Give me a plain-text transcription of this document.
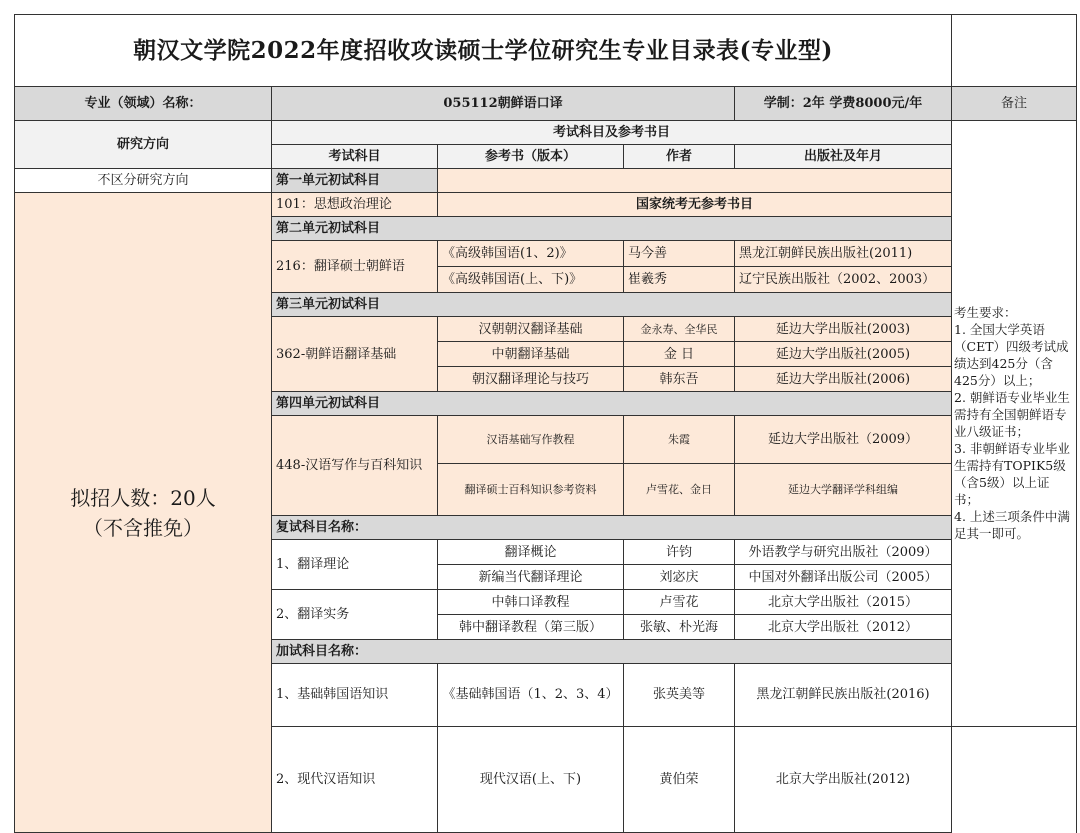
朝汉文学院2022年度招收攻读硕士学位研究生专业目录表(专业型)						
专业（领域）名称：	055112朝鲜语口译			学制：2年 学费8000元/年	备注	
研究方向	考试科目及参考书目				考生要求：
1. 全国大学英语（CET）四级考试成绩达到425分（含425分）以上；
2. 朝鲜语专业毕业生需持有全国朝鲜语专业八级证书；
3. 非朝鲜语专业毕业生需持有TOPIK5级（含5级）以上证书；
4. 上述三项条件中满足其一即可。	

	考试科目	参考书（版本）	作者	出版社及年月		
不区分研究方向	第一单元初试科目					

拟招人数：20人
（不含推免）	101：思想政治理论	国家统考无参考书目				
	第二单元初试科目					
	216：翻译硕士朝鲜语	《高级韩国语(1、2)》	马今善	黑龙江朝鲜民族出版社(2011)		
		《高级韩国语(上、下)》	崔羲秀	辽宁民族出版社（2002、2003）		
	第三单元初试科目					
	362-朝鲜语翻译基础	汉朝朝汉翻译基础	金永寿、全华民	延边大学出版社(2003)		
		中朝翻译基础	金 日	延边大学出版社(2005)		
		朝汉翻译理论与技巧	韩东吾	延边大学出版社(2006)		
	第四单元初试科目					
	448-汉语写作与百科知识	汉语基础写作教程	朱霞	延边大学出版社（2009）		
		翻译硕士百科知识参考资料	卢雪花、金日	延边大学翻译学科组编		
	复试科目名称：					
	1、翻译理论	翻译概论	许钧	外语教学与研究出版社（2009）		
		新编当代翻译理论	刘宓庆	中国对外翻译出版公司（2005）		
	2、翻译实务	中韩口译教程	卢雪花	北京大学出版社（2015）		
		韩中翻译教程（第三版）	张敏、朴光海	北京大学出版社（2012）		
	加试科目名称：					
	1、基础韩国语知识	《基础韩国语（1、2、3、4）	张英美等	黑龙江朝鲜民族出版社(2016)	
	2、现代汉语知识	现代汉语(上、下)	黄伯荣	北京大学出版社(2012)		
